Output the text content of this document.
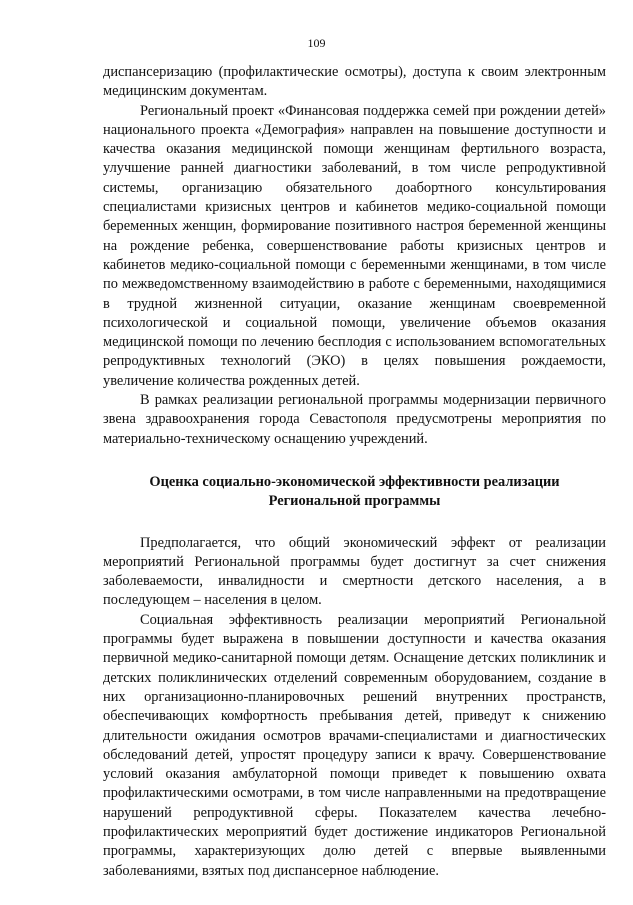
109

диспансеризацию (профилактические осмотры), доступа к своим электронным медицинским документам.

Региональный проект «Финансовая поддержка семей при рождении детей» национального проекта «Демография» направлен на повышение доступности и качества оказания медицинской помощи женщинам фертильного возраста, улучшение ранней диагностики заболеваний, в том числе репродуктивной системы, организацию обязательного доабортного консультирования специалистами кризисных центров и кабинетов медико-социальной помощи беременных женщин, формирование позитивного настроя беременной женщины на рождение ребенка, совершенствование работы кризисных центров и кабинетов медико-социальной помощи с беременными женщинами, в том числе по межведомственному взаимодействию в работе с беременными, находящимися в трудной жизненной ситуации, оказание женщинам своевременной психологической и социальной помощи, увеличение объемов оказания медицинской помощи по лечению бесплодия с использованием вспомогательных репродуктивных технологий (ЭКО) в целях повышения рождаемости, увеличение количества рожденных детей.

В рамках реализации региональной программы модернизации первичного звена здравоохранения города Севастополя предусмотрены мероприятия по материально-техническому оснащению учреждений.

Оценка социально-экономической эффективности реализации
Региональной программы

Предполагается, что общий экономический эффект от реализации мероприятий Региональной программы будет достигнут за счет снижения заболеваемости, инвалидности и смертности детского населения, а в последующем – населения в целом.

Социальная эффективность реализации мероприятий Региональной программы будет выражена в повышении доступности и качества оказания первичной медико-санитарной помощи детям. Оснащение детских поликлиник и детских поликлинических отделений современным оборудованием, создание в них организационно-планировочных решений внутренних пространств, обеспечивающих комфортность пребывания детей, приведут к снижению длительности ожидания осмотров врачами-специалистами и диагностических обследований детей, упростят процедуру записи к врачу. Совершенствование условий оказания амбулаторной помощи приведет к повышению охвата профилактическими осмотрами, в том числе направленными на предотвращение нарушений репродуктивной сферы. Показателем качества лечебно-профилактических мероприятий будет достижение индикаторов Региональной программы, характеризующих долю детей с впервые выявленными заболеваниями, взятых под диспансерное наблюдение.
